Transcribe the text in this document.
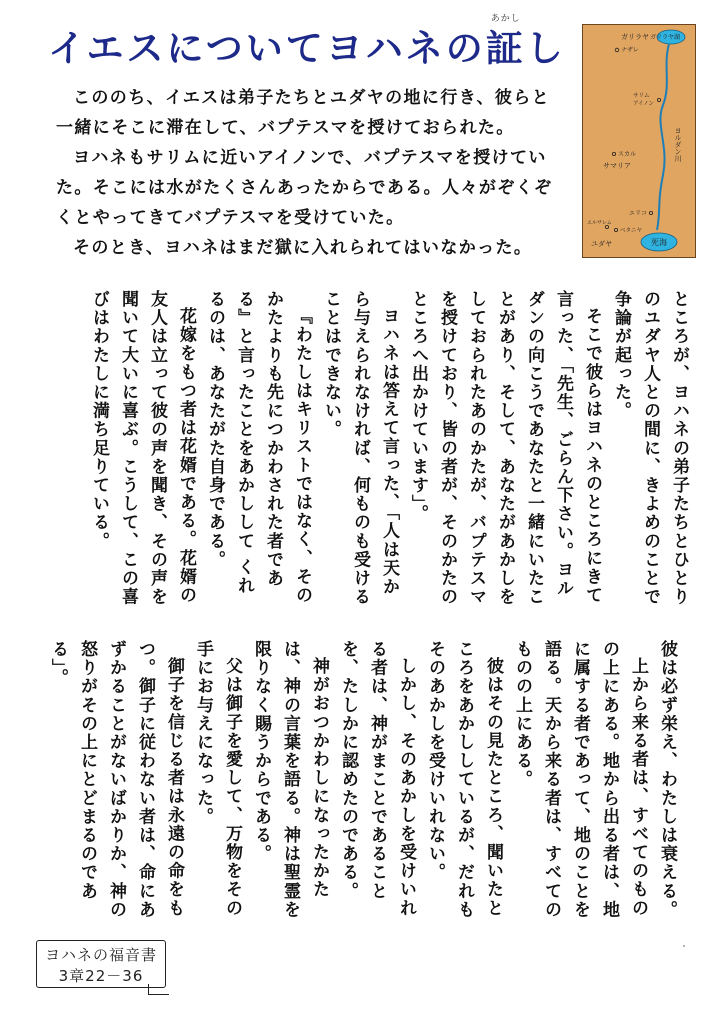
イエスについてヨハネの
あかし
証し

こののち、イエスは弟子たちとユダヤの地に行き、彼らと一緒にそこに滞在して、バプテスマを授けておられた。

ヨハネもサリムに近いアイノンで、バプテスマを授けていた。そこには水がたくさんあったからである。人々がぞくぞくとやってきてバプテスマを受けていた。

そのとき、ヨハネはまだ獄に入れられてはいなかった。

ガリラヤ湖
死海
ガリラヤ
ナザレ
サリム
アイノン
ヨルダン川
スカル
サマリア
エリコ
エルサレム
ベタニヤ
ユダヤ

ところが、ヨハネの弟子たちとひとりのユダヤ人との間に、きよめのことで争論が起った。

そこで彼らはヨハネのところにきて言った、「先生、ごらん下さい。ヨルダンの向こうであなたと一緒にいたことがあり、そして、あなたがあかしをしておられたあのかたが、バプテスマを授けており、皆の者が、そのかたのところへ出かけています」。

ヨハネは答えて言った、「人は天から与えられなければ、何ものも受けることはできない。

『わたしはキリストではなく、そのかたよりも先につかわされた者である』と言ったことをあかしして くれるのは、あなたがた自身である。

花嫁をもつ者は花婿である。花婿の友人は立って彼の声を聞き、その声を聞いて大いに喜ぶ。こうして、この喜びはわたしに満ち足りている。

彼は必ず栄え、わたしは衰える。

上から来る者は、すべてのものの上にある。地から出る者は、地に属する者であって、地のことを語る。天から来る者は、すべてのものの上にある。

彼はその見たところ、聞いたところをあかししているが、だれもそのあかしを受けいれない。

しかし、そのあかしを受けいれる者は、神がまことであることを、たしかに認めたのである。

神がおつかわしになったかたは、神の言葉を語る。神は聖霊を限りなく賜うからである。

父は御子を愛して、万物をその手にお与えになった。

御子を信じる者は永遠の命をもつ。御子に従わない者は、命にあずかることがないばかりか、神の怒りがその上にとどまるのである」。

ヨハネの福音書
3章22－36
